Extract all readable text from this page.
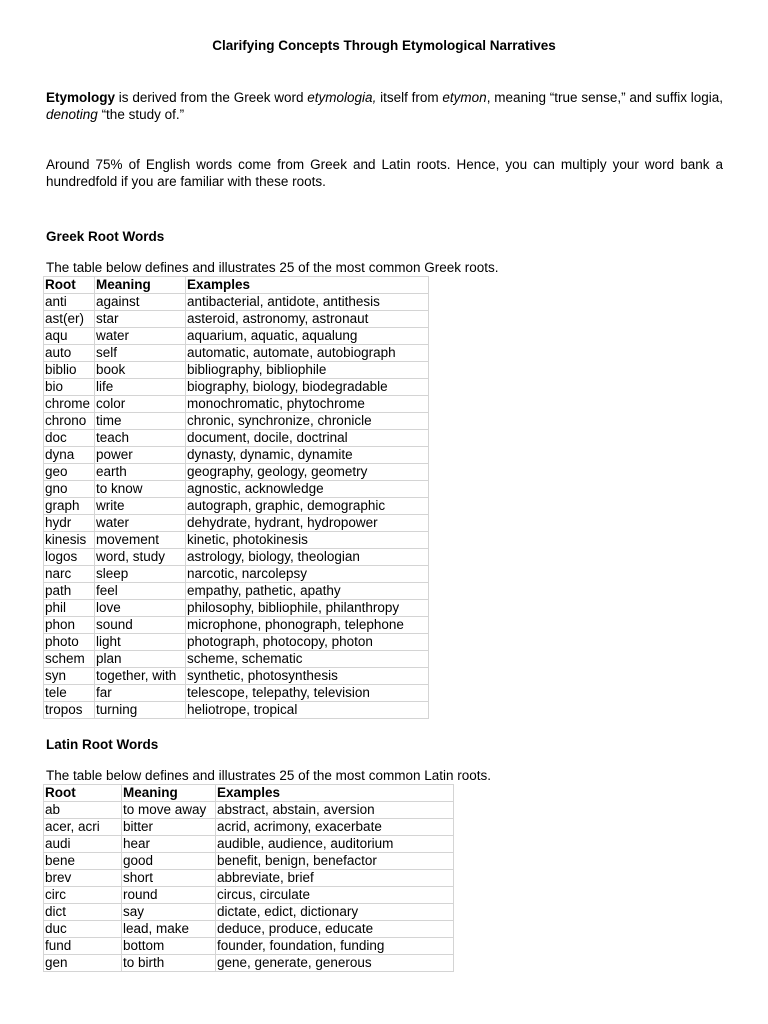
Clarifying Concepts Through Etymological Narratives
Etymology is derived from the Greek word etymologia, itself from etymon, meaning “true sense,” and suffix logia, denoting “the study of.”
Around 75% of English words come from Greek and Latin roots. Hence, you can multiply your word bank a hundredfold if you are familiar with these roots.
Greek Root Words
The table below defines and illustrates 25 of the most common Greek roots.
Root	Meaning	Examples
anti	against	antibacterial, antidote, antithesis
ast(er)	star	asteroid, astronomy, astronaut
aqu	water	aquarium, aquatic, aqualung
auto	self	automatic, automate, autobiograph
biblio	book	bibliography, bibliophile
bio	life	biography, biology, biodegradable
chrome	color	monochromatic, phytochrome
chrono	time	chronic, synchronize, chronicle
doc	teach	document, docile, doctrinal
dyna	power	dynasty, dynamic, dynamite
geo	earth	geography, geology, geometry
gno	to know	agnostic, acknowledge
graph	write	autograph, graphic, demographic
hydr	water	dehydrate, hydrant, hydropower
kinesis	movement	kinetic, photokinesis
logos	word, study	astrology, biology, theologian
narc	sleep	narcotic, narcolepsy
path	feel	empathy, pathetic, apathy
phil	love	philosophy, bibliophile, philanthropy
phon	sound	microphone, phonograph, telephone
photo	light	photograph, photocopy, photon
schem	plan	scheme, schematic
syn	together, with	synthetic, photosynthesis
tele	far	telescope, telepathy, television
tropos	turning	heliotrope, tropical
Latin Root Words
The table below defines and illustrates 25 of the most common Latin roots.
Root	Meaning	Examples
ab	to move away	abstract, abstain, aversion
acer, acri	bitter	acrid, acrimony, exacerbate
audi	hear	audible, audience, auditorium
bene	good	benefit, benign, benefactor
brev	short	abbreviate, brief
circ	round	circus, circulate
dict	say	dictate, edict, dictionary
duc	lead, make	deduce, produce, educate
fund	bottom	founder, foundation, funding
gen	to birth	gene, generate, generous
